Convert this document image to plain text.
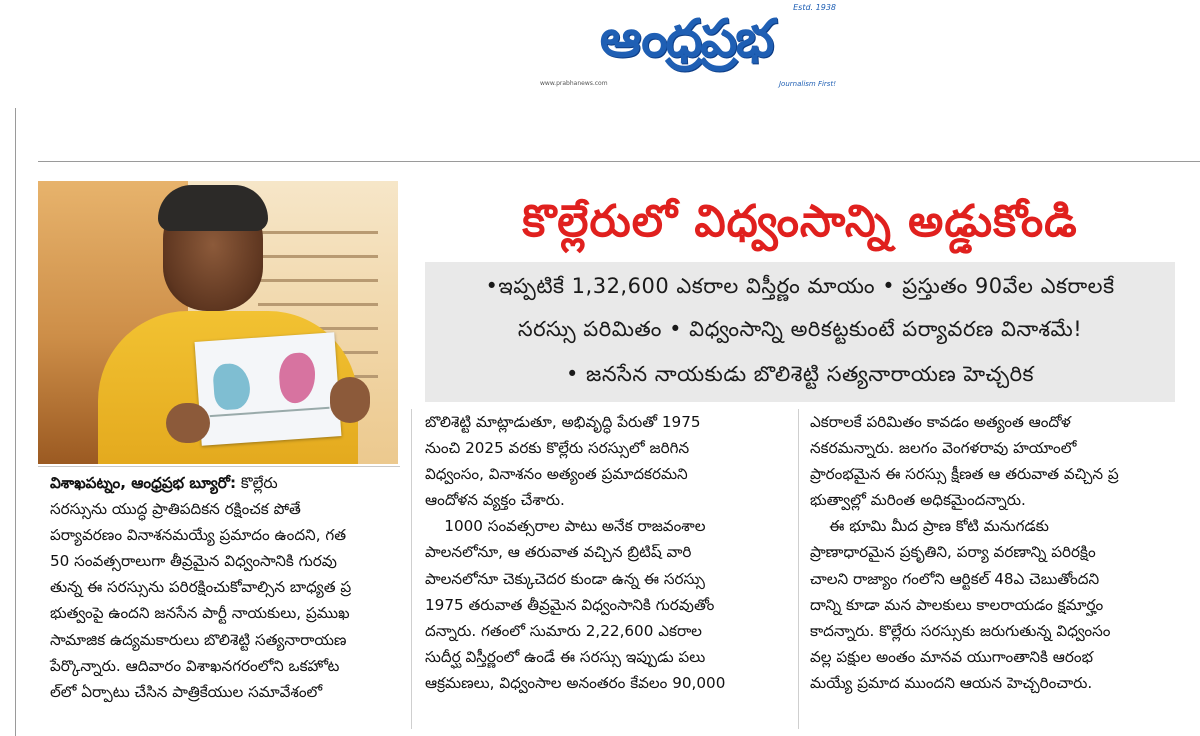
ఆంధ్రప్రభ
Estd. 1938
www.prabhanews.com	Journalism First!
కొల్లేరులో విధ్వంసాన్ని అడ్డుకోండి
•ఇప్పటికే 1,32,600 ఎకరాల విస్తీర్ణం మాయం • ప్రస్తుతం 90వేల ఎకరాలకే
సరస్సు పరిమితం • విధ్వంసాన్ని అరికట్టకుంటే పర్యావరణ వినాశమే!
• జనసేన నాయకుడు బొలిశెట్టి సత్యనారాయణ హెచ్చరిక

విశాఖపట్నం, ఆంధ్రప్రభ బ్యూరో: కొల్లేరు

సరస్సును యుద్ధ ప్రాతిపదికన రక్షించక పోతే

పర్యావరణం వినాశనమయ్యే ప్రమాదం ఉందని, గత

50 సంవత్సరాలుగా తీవ్రమైన విధ్వంసానికి గురవు

తున్న ఈ సరస్సును పరిరక్షించుకోవాల్సిన బాధ్యత ప్ర

భుత్వంపై ఉందని జనసేన పార్టీ నాయకులు, ప్రముఖ

సామాజిక ఉద్యమకారులు బొలిశెట్టి సత్యనారాయణ

పేర్కొన్నారు. ఆదివారం విశాఖనగరంలోని ఒకహోట

ల్‌లో ఏర్పాటు చేసిన పాత్రికేయుల సమావేశంలో

బొలిశెట్టి మాట్లాడుతూ, అభివృద్ధి పేరుతో 1975

నుంచి 2025 వరకు కొల్లేరు సరస్సులో జరిగిన

విధ్వంసం, వినాశనం అత్యంత ప్రమాదకరమని

ఆందోళన వ్యక్తం చేశారు.

1000 సంవత్సరాల పాటు అనేక రాజవంశాల

పాలనలోనూ, ఆ తరువాత వచ్చిన బ్రిటిష్ వారి

పాలనలోనూ చెక్కుచెదర కుండా ఉన్న ఈ సరస్సు

1975 తరువాత తీవ్రమైన విధ్వంసానికి గురవుతోం

దన్నారు. గతంలో సుమారు 2,22,600 ఎకరాల

సుదీర్ఘ విస్తీర్ణంలో ఉండే ఈ సరస్సు ఇప్పుడు పలు

ఆక్రమణలు, విధ్వంసాల అనంతరం కేవలం 90,000

ఎకరాలకే పరిమితం కావడం అత్యంత ఆందోళ

నకరమన్నారు. జలగం వెంగళరావు హయాంలో

ప్రారంభమైన ఈ సరస్సు క్షీణత ఆ తరువాత వచ్చిన ప్ర

భుత్వాల్లో మరింత అధికమైందన్నారు.

ఈ భూమి మీద ప్రాణ కోటి మనుగడకు

ప్రాణాధారమైన ప్రకృతిని, పర్యా వరణాన్ని పరిరక్షిం

చాలని రాజ్యాం గంలోని ఆర్టికల్ 48ఎ చెబుతోందని

దాన్ని కూడా మన పాలకులు కాలరాయడం క్షమార్హం

కాదన్నారు. కొల్లేరు సరస్సుకు జరుగుతున్న విధ్వంసం

వల్ల పక్షుల అంతం మానవ యుగాంతానికి ఆరంభ

మయ్యే ప్రమాద ముందని ఆయన హెచ్చరించారు.
